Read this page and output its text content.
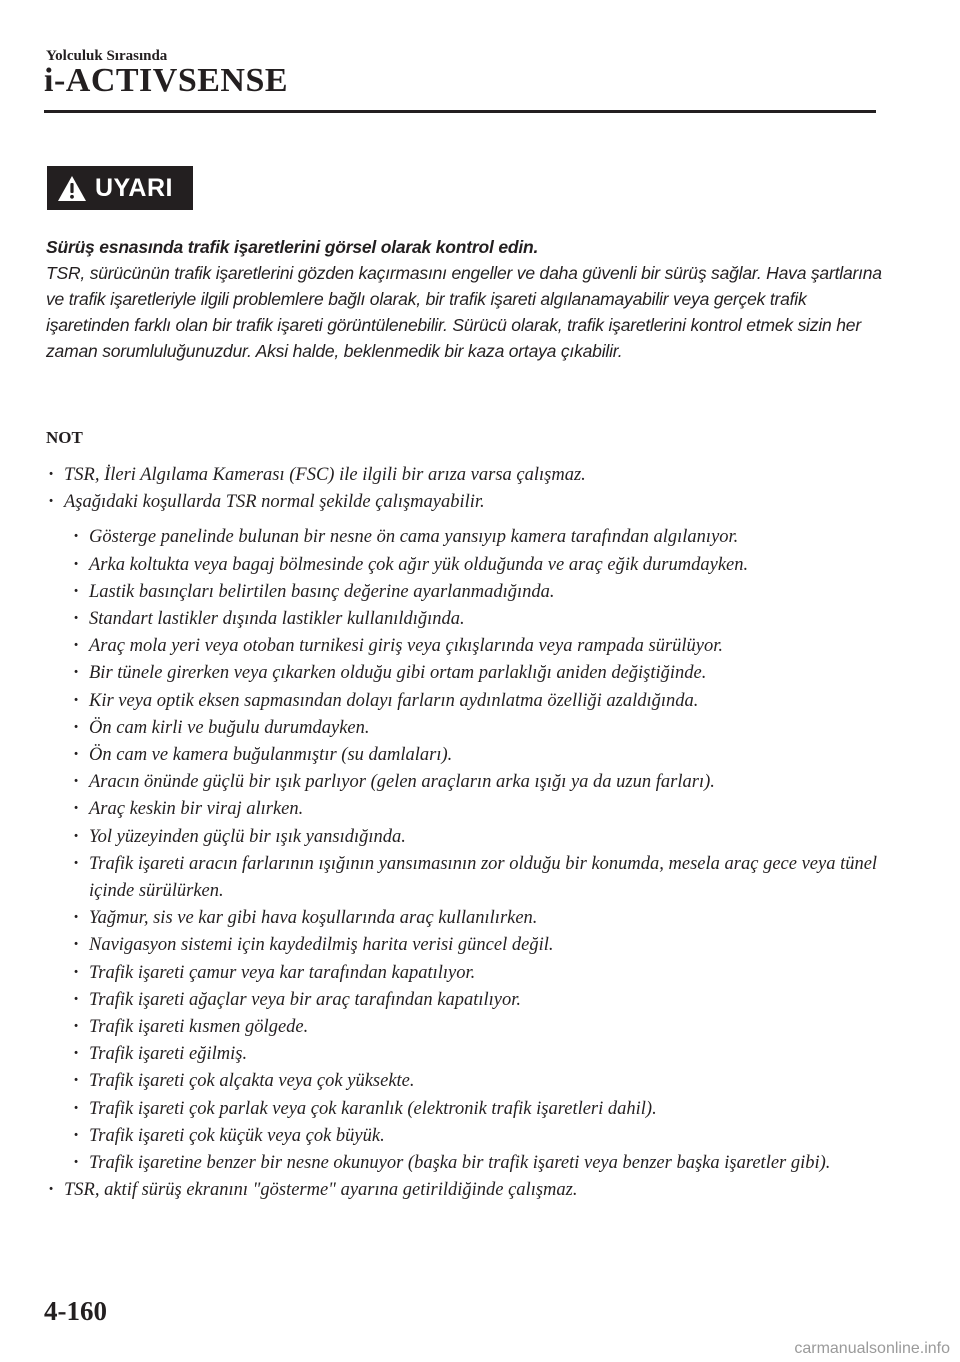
Yolculuk Sırasında
i-ACTIVSENSE
UYARI

Sürüş esnasında trafik işaretlerini görsel olarak kontrol edin.

TSR, sürücünün trafik işaretlerini gözden kaçırmasını engeller ve daha güvenli bir sürüş sağlar. Hava şartlarına ve trafik işaretleriyle ilgili problemlere bağlı olarak, bir trafik işareti algılanamayabilir veya gerçek trafik işaretinden farklı olan bir trafik işareti görüntülenebilir. Sürücü olarak, trafik işaretlerini kontrol etmek sizin her zaman sorumluluğunuzdur. Aksi halde, beklenmedik bir kaza ortaya çıkabilir.

NOT
· TSR, İleri Algılama Kamerası (FSC) ile ilgili bir arıza varsa çalışmaz.
· Aşağıdaki koşullarda TSR normal şekilde çalışmayabilir.
· Gösterge panelinde bulunan bir nesne ön cama yansıyıp kamera tarafından algılanıyor.
· Arka koltukta veya bagaj bölmesinde çok ağır yük olduğunda ve araç eğik durumdayken.
· Lastik basınçları belirtilen basınç değerine ayarlanmadığında.
· Standart lastikler dışında lastikler kullanıldığında.
· Araç mola yeri veya otoban turnikesi giriş veya çıkışlarında veya rampada sürülüyor.
· Bir tünele girerken veya çıkarken olduğu gibi ortam parlaklığı aniden değiştiğinde.
· Kir veya optik eksen sapmasından dolayı farların aydınlatma özelliği azaldığında.
· Ön cam kirli ve buğulu durumdayken.
· Ön cam ve kamera buğulanmıştır (su damlaları).
· Aracın önünde güçlü bir ışık parlıyor (gelen araçların arka ışığı ya da uzun farları).
· Araç keskin bir viraj alırken.
· Yol yüzeyinden güçlü bir ışık yansıdığında.
· Trafik işareti aracın farlarının ışığının yansımasının zor olduğu bir konumda, mesela araç gece veya tünel içinde sürülürken.
· Yağmur, sis ve kar gibi hava koşullarında araç kullanılırken.
· Navigasyon sistemi için kaydedilmiş harita verisi güncel değil.
· Trafik işareti çamur veya kar tarafından kapatılıyor.
· Trafik işareti ağaçlar veya bir araç tarafından kapatılıyor.
· Trafik işareti kısmen gölgede.
· Trafik işareti eğilmiş.
· Trafik işareti çok alçakta veya çok yüksekte.
· Trafik işareti çok parlak veya çok karanlık (elektronik trafik işaretleri dahil).
· Trafik işareti çok küçük veya çok büyük.
· Trafik işaretine benzer bir nesne okunuyor (başka bir trafik işareti veya benzer başka işaretler gibi).
· TSR, aktif sürüş ekranını "gösterme" ayarına getirildiğinde çalışmaz.
4-160
carmanualsonline.info
